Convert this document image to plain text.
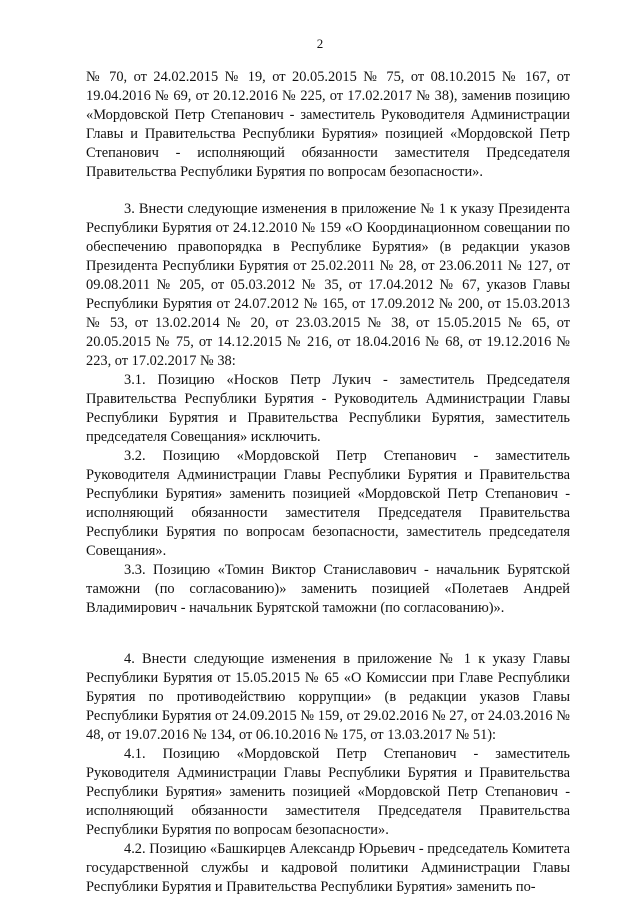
2

№ 70, от 24.02.2015 № 19, от 20.05.2015 № 75, от 08.10.2015 № 167, от 19.04.2016 № 69, от 20.12.2016 № 225, от 17.02.2017 № 38), заменив позицию «Мордовской Петр Степанович - заместитель Руководителя Администрации Главы и Правительства Республики Бурятия» позицией «Мордовской Петр Степанович - исполняющий обязанности заместителя Председателя Правительства Республики Бурятия по вопросам безопасности».

3. Внести следующие изменения в приложение № 1 к указу Президента Республики Бурятия от 24.12.2010 № 159 «О Координационном совещании по обеспечению правопорядка в Республике Бурятия» (в редакции указов Президента Республики Бурятия от 25.02.2011 № 28, от 23.06.2011 № 127, от 09.08.2011 № 205, от 05.03.2012 № 35, от 17.04.2012 № 67, указов Главы Республики Бурятия от 24.07.2012 № 165, от 17.09.2012 № 200, от 15.03.2013 № 53, от 13.02.2014 № 20, от 23.03.2015 № 38, от 15.05.2015 № 65, от 20.05.2015 № 75, от 14.12.2015 № 216, от 18.04.2016 № 68, от 19.12.2016 № 223, от 17.02.2017 № 38:

3.1. Позицию «Носков Петр Лукич - заместитель Председателя Правительства Республики Бурятия - Руководитель Администрации Главы Республики Бурятия и Правительства Республики Бурятия, заместитель председателя Совещания» исключить.

3.2. Позицию «Мордовской Петр Степанович - заместитель Руководителя Администрации Главы Республики Бурятия и Правительства Республики Бурятия» заменить позицией «Мордовской Петр Степанович - исполняющий обязанности заместителя Председателя Правительства Республики Бурятия по вопросам безопасности, заместитель председателя Совещания».

3.3. Позицию «Томин Виктор Станиславович - начальник Бурятской таможни (по согласованию)» заменить позицией «Полетаев Андрей Владимирович - начальник Бурятской таможни (по согласованию)».

4. Внести следующие изменения в приложение № 1 к указу Главы Республики Бурятия от 15.05.2015 № 65 «О Комиссии при Главе Республики Бурятия по противодействию коррупции» (в редакции указов Главы Республики Бурятия от 24.09.2015 № 159, от 29.02.2016 № 27, от 24.03.2016 № 48, от 19.07.2016 № 134, от 06.10.2016 № 175, от 13.03.2017 № 51):

4.1. Позицию «Мордовской Петр Степанович - заместитель Руководителя Администрации Главы Республики Бурятия и Правительства Республики Бурятия» заменить позицией «Мордовской Петр Степанович - исполняющий обязанности заместителя Председателя Правительства Республики Бурятия по вопросам безопасности».

4.2. Позицию «Башкирцев Александр Юрьевич - председатель Комитета государственной службы и кадровой политики Администрации Главы Республики Бурятия и Правительства Республики Бурятия» заменить по-
